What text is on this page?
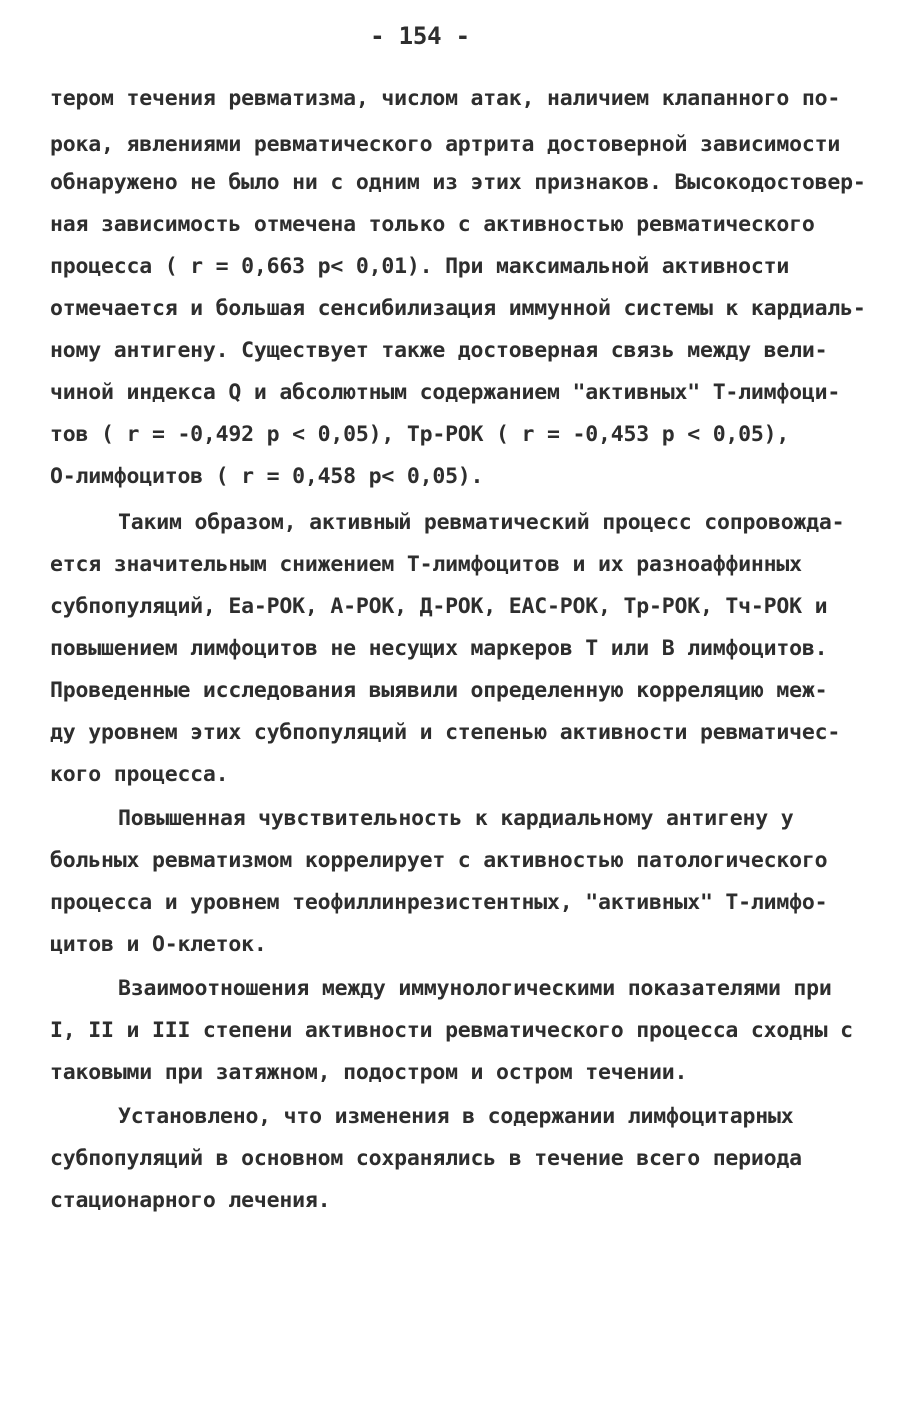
- 154 -
тером течения ревматизма, числом атак, наличием клапанного по-
рока, явлениями ревматического артрита достоверной зависимости
обнаружено не было ни с одним из этих признаков. Высокодостовер-
ная зависимость отмечена только с активностью ревматического
процесса ( r = 0,663 p< 0,01). При максимальной активности
отмечается и большая сенсибилизация иммунной системы к кардиаль-
ному антигену. Существует также достоверная связь между вели-
чиной индекса Q и абсолютным содержанием "активных" Т-лимфоци-
тов ( r = -0,492 p < 0,05), Тр-РОК ( r = -0,453 p < 0,05),
О-лимфоцитов ( r = 0,458 p< 0,05).
Таким образом, активный ревматический процесс сопровожда-
ется значительным снижением Т-лимфоцитов и их разноаффинных
субпопуляций, Еа-РОК, А-РОК, Д-РОК, ЕАС-РОК, Тр-РОК, Тч-РОК и
повышением лимфоцитов не несущих маркеров Т или В лимфоцитов.
Проведенные исследования выявили определенную корреляцию меж-
ду уровнем этих субпопуляций и степенью активности ревматичес-
кого процесса.
Повышенная чувствительность к кардиальному антигену у
больных ревматизмом коррелирует с активностью патологического
процесса и уровнем теофиллинрезистентных, "активных" Т-лимфо-
цитов и О-клеток.
Взаимоотношения между иммунологическими показателями при
I, II и III степени активности ревматического процесса сходны с
таковыми при затяжном, подостром и остром течении.
Установлено, что изменения в содержании лимфоцитарных
субпопуляций в основном сохранялись в течение всего периода
стационарного лечения.
